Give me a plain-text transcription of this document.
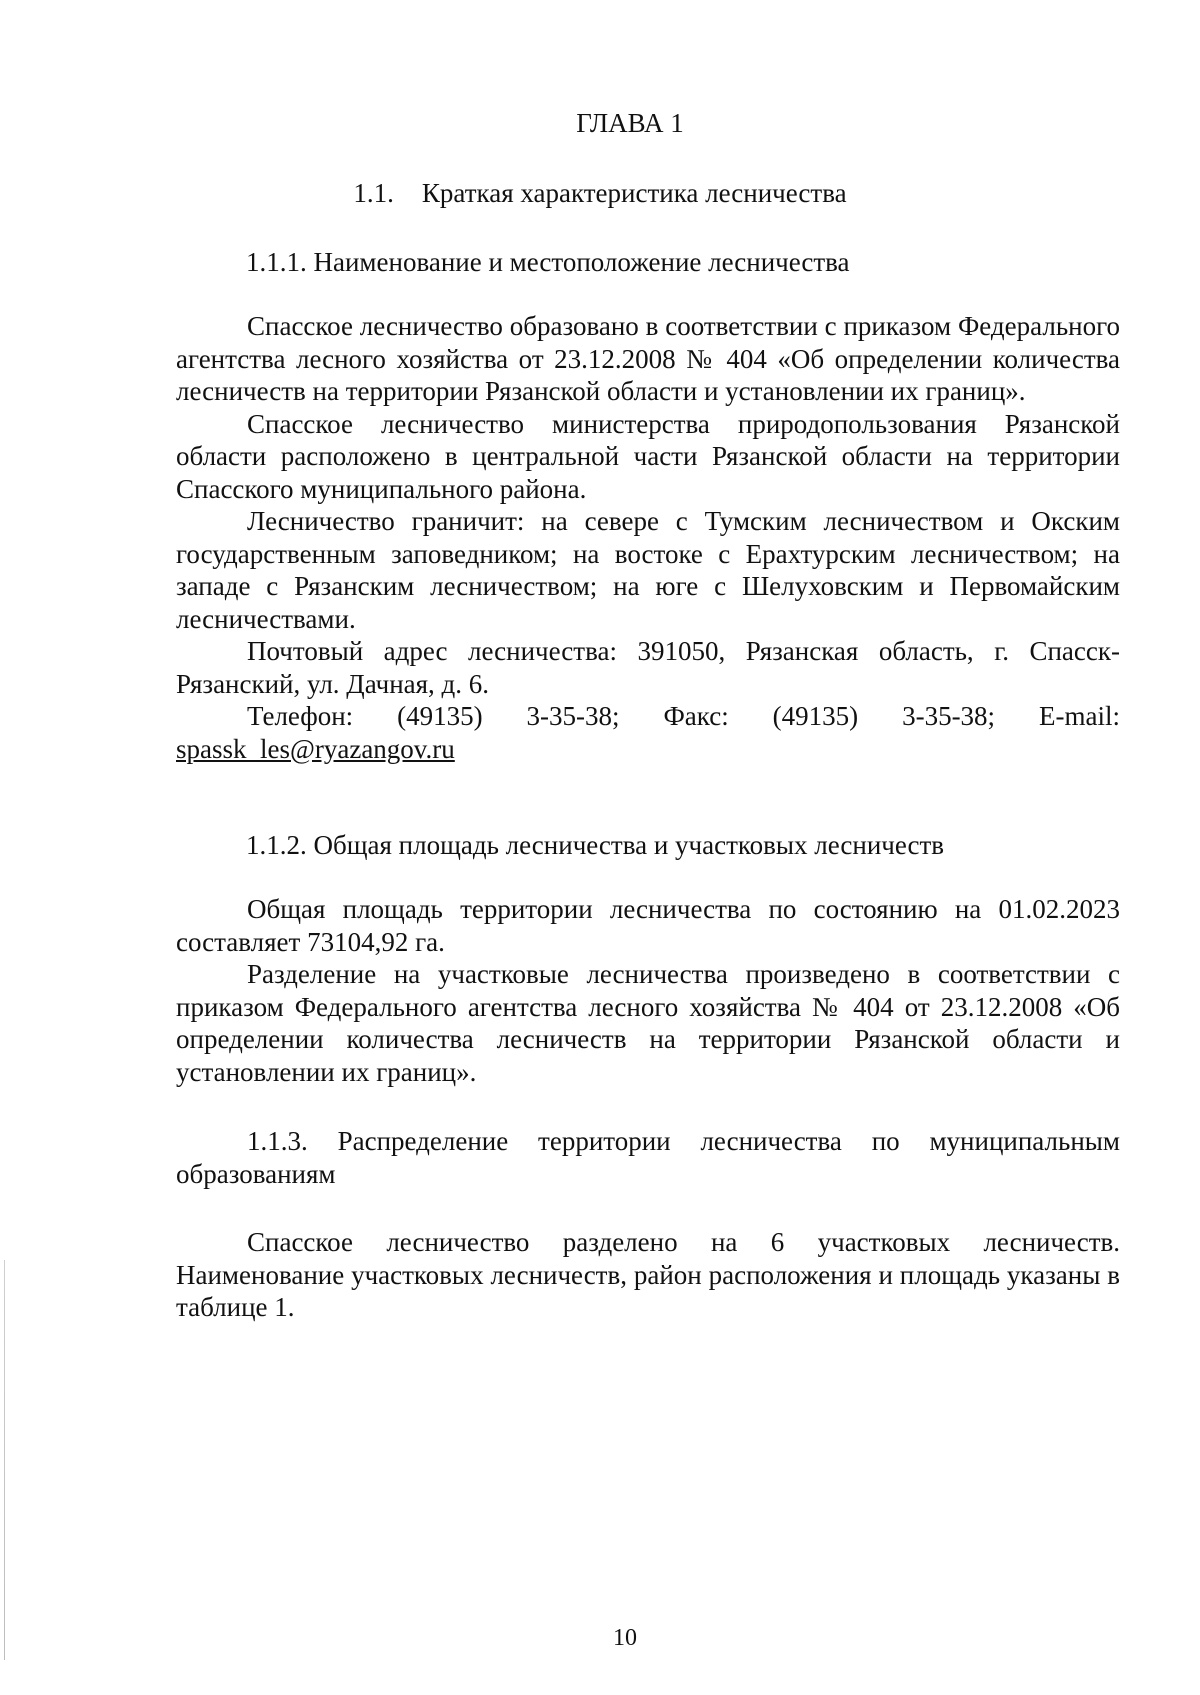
ГЛАВА 1
1.1. Краткая характеристика лесничества
1.1.1. Наименование и местоположение лесничества

Спасское лесничество образовано в соответствии с приказом Федерального агентства лесного хозяйства от 23.12.2008 № 404 «Об определении количества лесничеств на территории Рязанской области и установлении их границ».

Спасское лесничество министерства природопользования Рязанской области расположено в центральной части Рязанской области на территории Спасского муниципального района.

Лесничество граничит: на севере с Тумским лесничеством и Окским государственным заповедником; на востоке с Ерахтурским лесничеством; на западе с Рязанским лесничеством; на юге с Шелуховским и Первомайским лесничествами.

Почтовый адрес лесничества: 391050, Рязанская область, г. Спасск-Рязанский, ул. Дачная, д. 6.

Телефон: (49135) 3-35-38; Факс: (49135) 3-35-38; E-mail:
spassk_les@ryazangov.ru
1.1.2. Общая площадь лесничества и участковых лесничеств

Общая площадь территории лесничества по состоянию на 01.02.2023 составляет 73104,92 га.

Разделение на участковые лесничества произведено в соответствии с приказом Федерального агентства лесного хозяйства № 404 от 23.12.2008 «Об определении количества лесничеств на территории Рязанской области и установлении их границ».

1.1.3. Распределение территории лесничества по муниципальным образованиям

Спасское лесничество разделено на 6 участковых лесничеств. Наименование участковых лесничеств, район расположения и площадь указаны в таблице 1.

10
